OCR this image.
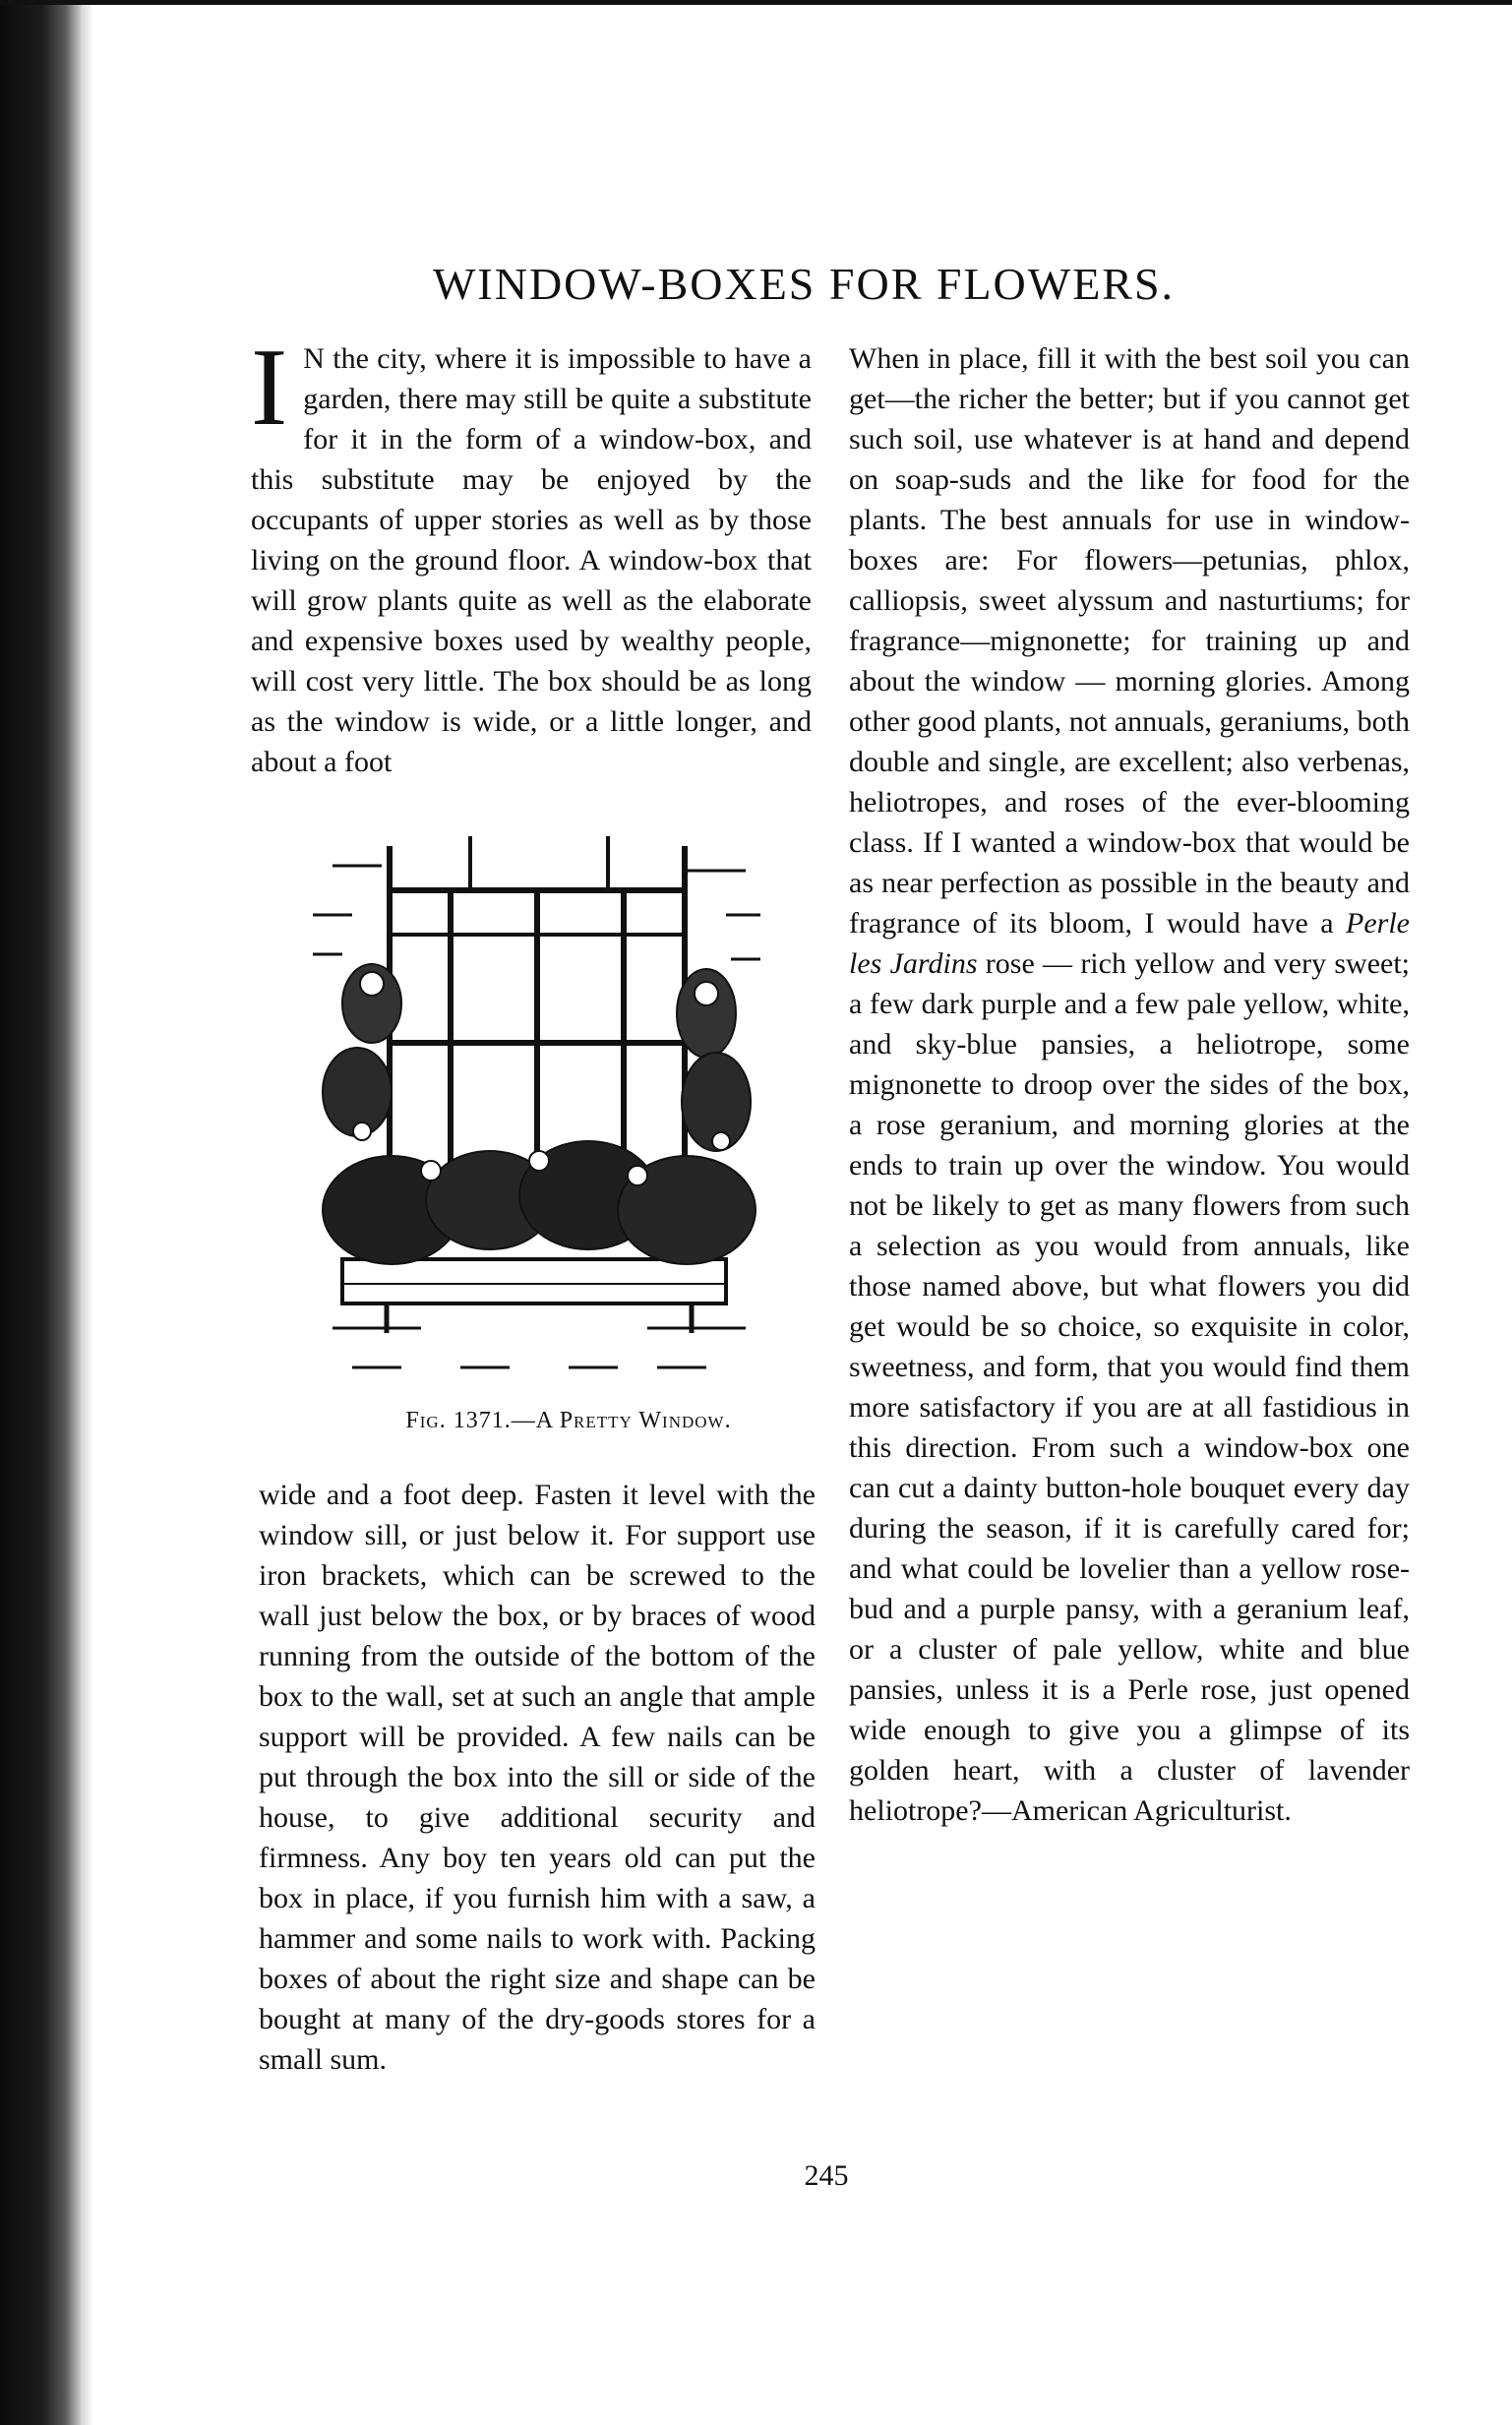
WINDOW-BOXES FOR FLOWERS.

I N the city, where it is impossible to have a garden, there may still be quite a substitute for it in the form of a window-box, and this substitute may be enjoyed by the occupants of upper stories as well as by those living on the ground floor. A window-box that will grow plants quite as well as the elaborate and expensive boxes used by wealthy people, will cost very little. The box should be as long as the window is wide, or a little longer, and about a foot

Fig. 1371.—A Pretty Window.

wide and a foot deep. Fasten it level with the window sill, or just below it. For support use iron brackets, which can be screwed to the wall just below the box, or by braces of wood running from the outside of the bottom of the box to the wall, set at such an angle that ample support will be provided. A few nails can be put through the box into the sill or side of the house, to give additional security and firmness. Any boy ten years old can put the box in place, if you furnish him with a saw, a hammer and some nails to work with. Packing boxes of about the right size and shape can be bought at many of the dry-goods stores for a small sum.

When in place, fill it with the best soil you can get—the richer the better; but if you cannot get such soil, use whatever is at hand and depend on soap-suds and the like for food for the plants. The best annuals for use in window-boxes are: For flowers—petunias, phlox, calliopsis, sweet alyssum and nasturtiums; for fragrance—mignonette; for training up and about the window — morning glories. Among other good plants, not annuals, geraniums, both double and single, are excellent; also verbenas, heliotropes, and roses of the ever-blooming class. If I wanted a window-box that would be as near perfection as possible in the beauty and fragrance of its bloom, I would have a Perle les Jardins rose — rich yellow and very sweet; a few dark purple and a few pale yellow, white, and sky-blue pansies, a heliotrope, some mignonette to droop over the sides of the box, a rose geranium, and morning glories at the ends to train up over the window. You would not be likely to get as many flowers from such a selection as you would from annuals, like those named above, but what flowers you did get would be so choice, so exquisite in color, sweetness, and form, that you would find them more satisfactory if you are at all fastidious in this direction. From such a window-box one can cut a dainty button-hole bouquet every day during the season, if it is carefully cared for; and what could be lovelier than a yellow rose-bud and a purple pansy, with a geranium leaf, or a cluster of pale yellow, white and blue pansies, unless it is a Perle rose, just opened wide enough to give you a glimpse of its golden heart, with a cluster of lavender heliotrope?—American Agriculturist.

245
